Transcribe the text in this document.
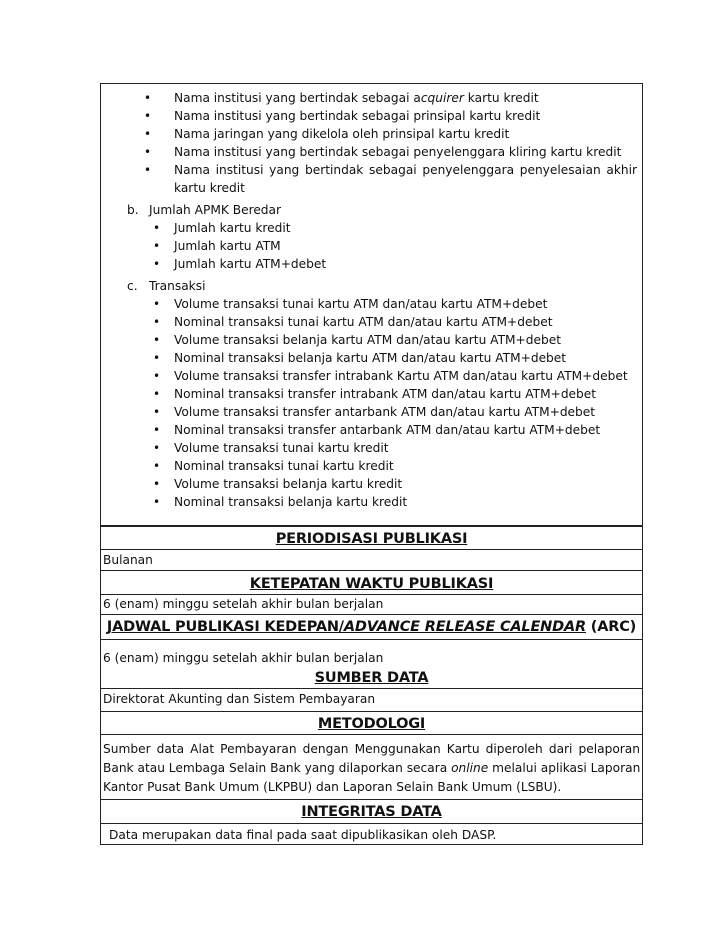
• Nama institusi yang bertindak sebagai acquirer kartu kredit
• Nama institusi yang bertindak sebagai prinsipal kartu kredit
• Nama jaringan yang dikelola oleh prinsipal kartu kredit
• Nama institusi yang bertindak sebagai penyelenggara kliring kartu kredit
• Nama institusi yang bertindak sebagai penyelenggara penyelesaian akhir
kartu kredit
b. Jumlah APMK Beredar
• Jumlah kartu kredit
• Jumlah kartu ATM
• Jumlah kartu ATM+debet
c. Transaksi
• Volume transaksi tunai kartu ATM dan/atau kartu ATM+debet
• Nominal transaksi tunai kartu ATM dan/atau kartu ATM+debet
• Volume transaksi belanja kartu ATM dan/atau kartu ATM+debet
• Nominal transaksi belanja kartu ATM dan/atau kartu ATM+debet
• Volume transaksi transfer intrabank Kartu ATM dan/atau kartu ATM+debet
• Nominal transaksi transfer intrabank ATM dan/atau kartu ATM+debet
• Volume transaksi transfer antarbank ATM dan/atau kartu ATM+debet
• Nominal transaksi transfer antarbank ATM dan/atau kartu ATM+debet
• Volume transaksi tunai kartu kredit
• Nominal transaksi tunai kartu kredit
• Volume transaksi belanja kartu kredit
• Nominal transaksi belanja kartu kredit
PERIODISASI PUBLIKASI
Bulanan
KETEPATAN WAKTU PUBLIKASI
6 (enam) minggu setelah akhir bulan berjalan
JADWAL PUBLIKASI KEDEPAN/ADVANCE RELEASE CALENDAR (ARC)
6 (enam) minggu setelah akhir bulan berjalan
SUMBER DATA
Direktorat Akunting dan Sistem Pembayaran
METODOLOGI
Sumber data Alat Pembayaran dengan Menggunakan Kartu diperoleh dari pelaporan
Bank atau Lembaga Selain Bank yang dilaporkan secara online melalui aplikasi Laporan
Kantor Pusat Bank Umum (LKPBU) dan Laporan Selain Bank Umum (LSBU).
INTEGRITAS DATA
Data merupakan data final pada saat dipublikasikan oleh DASP.
